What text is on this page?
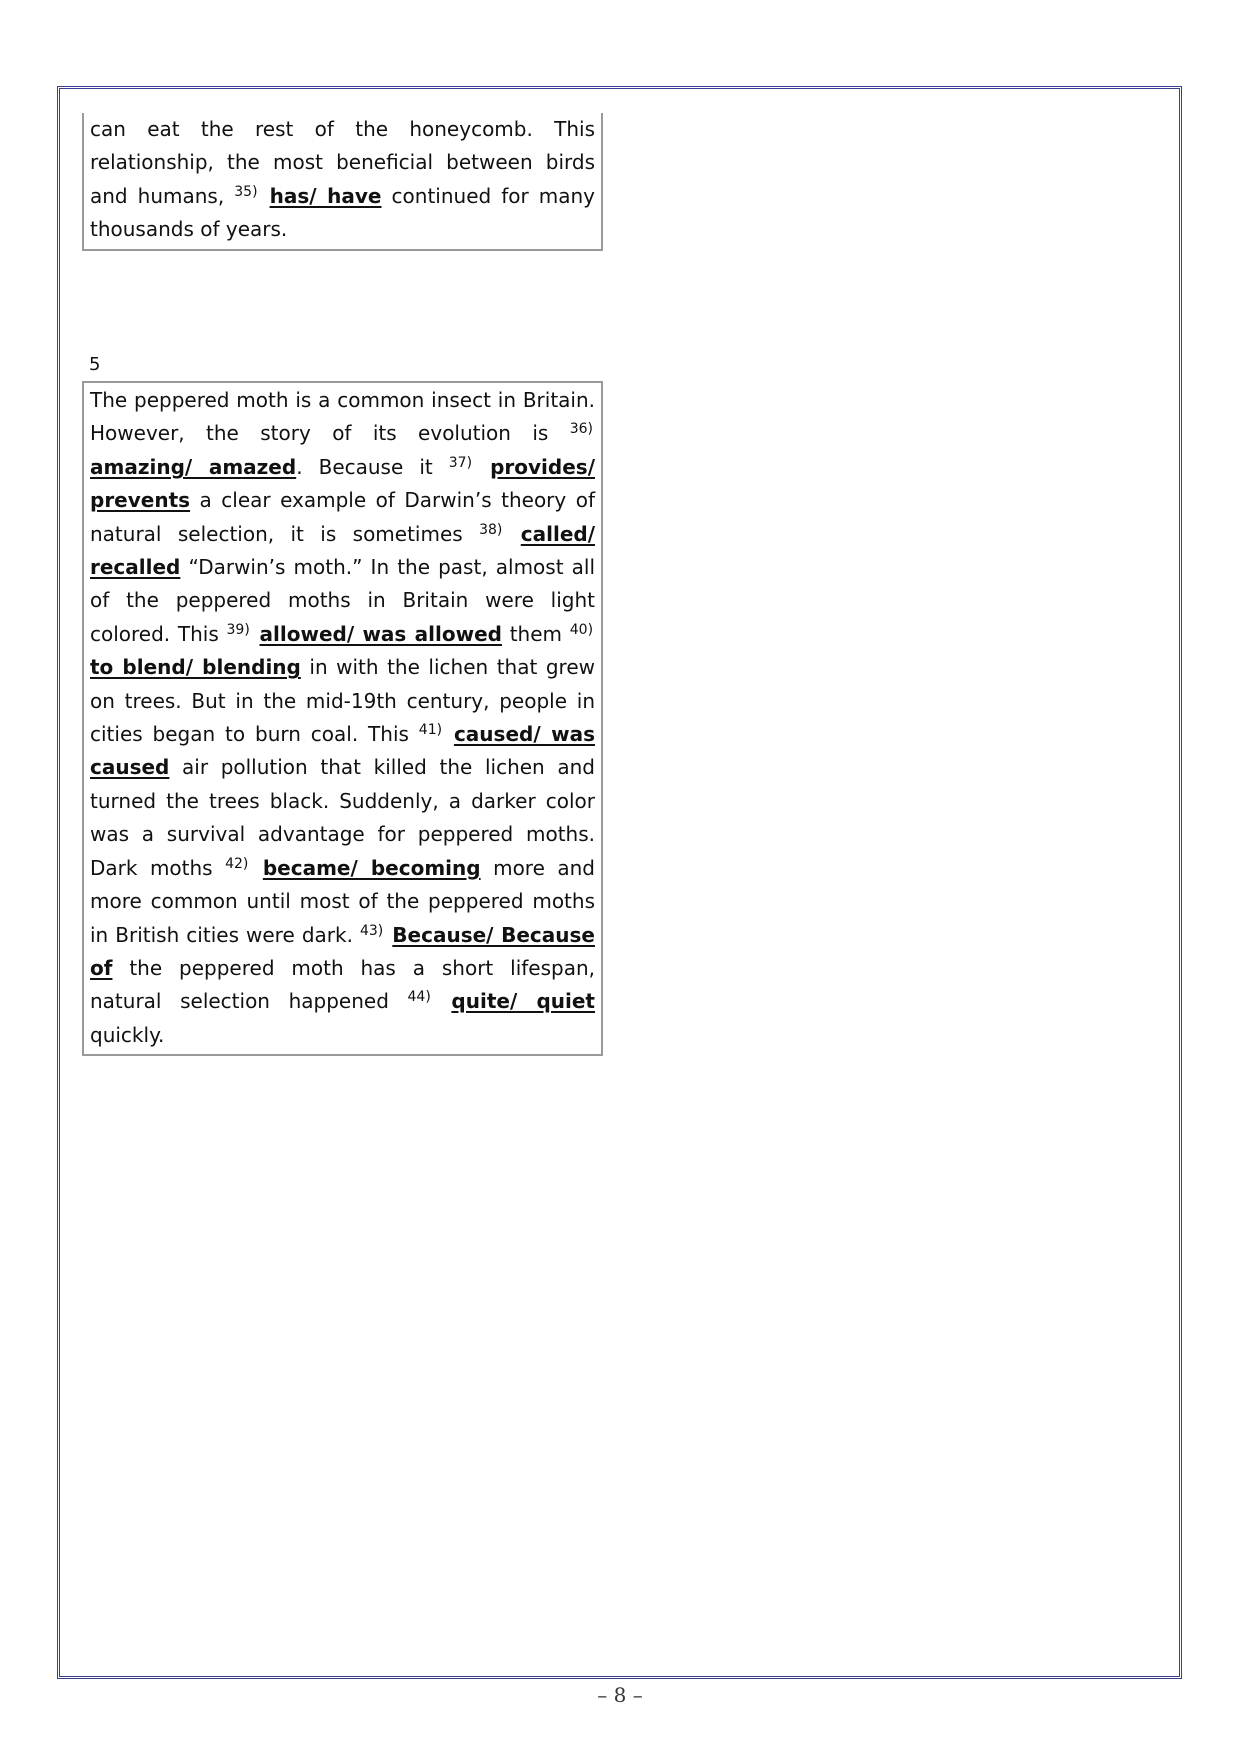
can eat the rest of the honeycomb. This relationship, the most beneficial between birds and humans, $^{35)}$ has/ have continued for many thousands of years.
5
The peppered moth is a common insect in Britain. However, the story of its evolution is $^{36)}$ amazing/ amazed. Because it $^{37)}$ provides/ prevents a clear example of Darwin’s theory of natural selection, it is sometimes $^{38)}$ called/ recalled “Darwin’s moth.” In the past, almost all of the peppered moths in Britain were light colored. This $^{39)}$ allowed/ was allowed them $^{40)}$ to blend/ blending in with the lichen that grew on trees. But in the mid-19th century, people in cities began to burn coal. This $^{41)}$ caused/ was caused air pollution that killed the lichen and turned the trees black. Suddenly, a darker color was a survival advantage for peppered moths. Dark moths $^{42)}$ became/ becoming more and more common until most of the peppered moths in British cities were dark. $^{43)}$ Because/ Because of the peppered moth has a short lifespan, natural selection happened $^{44)}$ quite/ quiet quickly.
– 8 –
